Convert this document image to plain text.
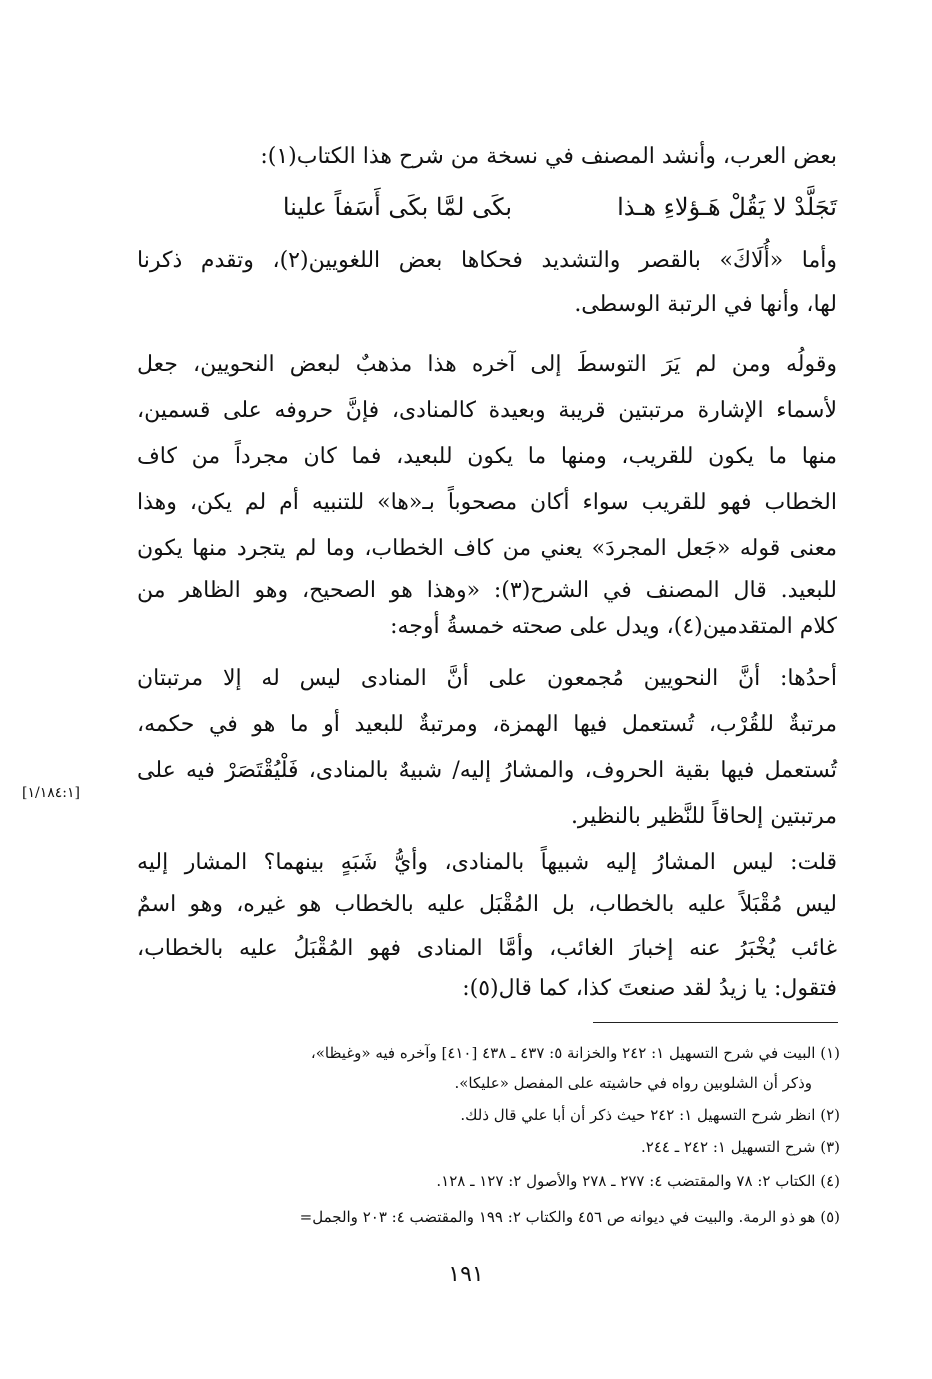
بعض العرب، وأنشد المصنف في نسخة من شرح هذا الكتاب(١):
تَجَلَّدْ لا يَقُلْ هَـؤلاءِ هـذا
بكَى لمَّا بكَى أَسَفاً علينا
وأما «أُلَاكَ» بالقصر والتشديد فحكاها بعض اللغويين(٢)، وتقدم ذكرنا
لها، وأنها في الرتبة الوسطى.
وقولُه ومن لم يَرَ التوسطَ إلى آخره هذا مذهبٌ لبعض النحويين، جعل
لأسماء الإشارة مرتبتين قريبة وبعيدة كالمنادى، فإنَّ حروفه على قسمين،
منها ما يكون للقريب، ومنها ما يكون للبعيد، فما كان مجرداً من كاف
الخطاب فهو للقريب سواء أكان مصحوباً بـ«ها» للتنبيه أم لم يكن، وهذا
معنى قوله «جَعل المجردَ» يعني من كاف الخطاب، وما لم يتجرد منها يكون
للبعيد. قال المصنف في الشرح(٣): «وهذا هو الصحيح، وهو الظاهر من
كلام المتقدمين(٤)، ويدل على صحته خمسةُ أوجه:
أحدُها: أنَّ النحويين مُجمعون على أنَّ المنادى ليس له إلا مرتبتان
مرتبةٌ للقُرْب، تُستعمل فيها الهمزة، ومرتبةٌ للبعيد أو ما هو في حكمه،
تُستعمل فيها بقية الحروف، والمشارُ إليه/ شبيهٌ بالمنادى، فَلْيُقْتَصَرْ فيه على
مرتبتين إلحاقاً للنَّظير بالنظير.
[١/١٨٤:١]
قلت: ليس المشارُ إليه شبيهاً بالمنادى، وأيُّ شَبَهٍ بينهما؟ المشار إليه
ليس مُقْبَلاً عليه بالخطاب، بل المُقْبَل عليه بالخطاب هو غيره، وهو اسمٌ
غائب يُخْبَرُ عنه إخبارَ الغائب، وأمَّا المنادى فهو المُقْبَلُ عليه بالخطاب،
فتقول: يا زيدُ لقد صنعتَ كذا، كما قال(٥):
(١) البيت في شرح التسهيل ١: ٢٤٢ والخزانة ٥: ٤٣٧ ـ ٤٣٨ [٤١٠] وآخره فيه «وغيظا»،
وذكر أن الشلوبين رواه في حاشيته على المفصل «عليكا».
(٢) انظر شرح التسهيل ١: ٢٤٢ حيث ذكر أن أبا علي قال ذلك.
(٣) شرح التسهيل ١: ٢٤٢ ـ ٢٤٤.
(٤) الكتاب ٢: ٧٨ والمقتضب ٤: ٢٧٧ ـ ٢٧٨ والأصول ٢: ١٢٧ ـ ١٢٨.
(٥) هو ذو الرمة. والبيت في ديوانه ص ٤٥٦ والكتاب ٢: ١٩٩ والمقتضب ٤: ٢٠٣ والجمل=
١٩١
